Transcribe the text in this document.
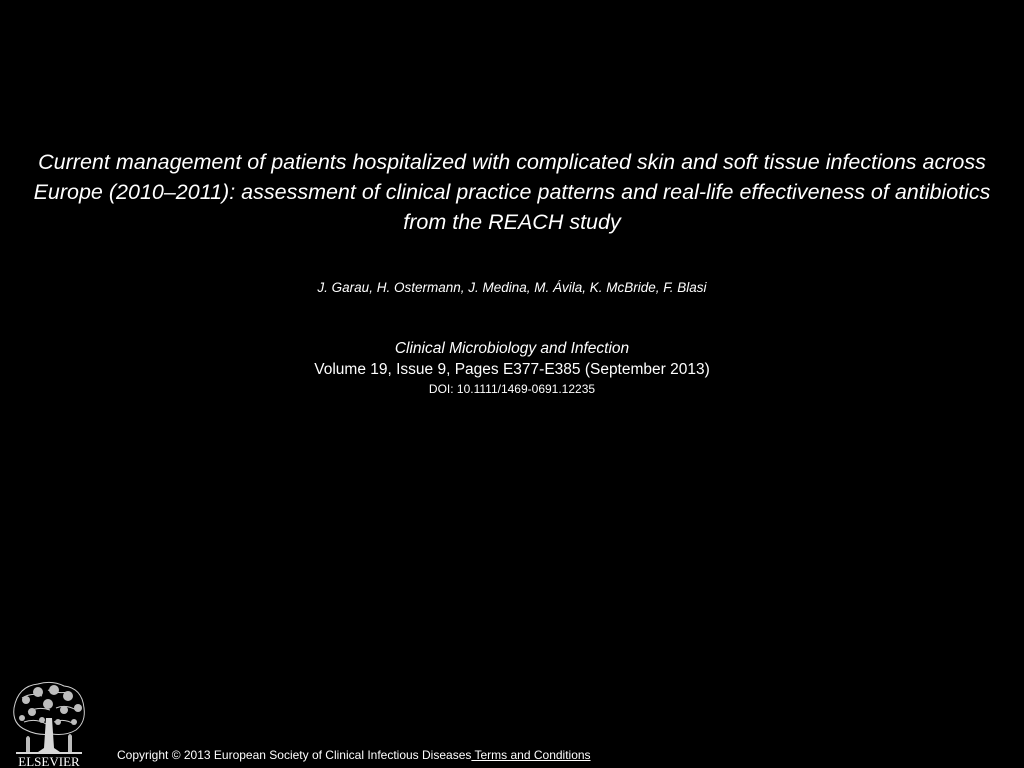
Current management of patients hospitalized with complicated skin and soft tissue infections across Europe (2010–2011): assessment of clinical practice patterns and real-life effectiveness of antibiotics from the REACH study

J. Garau, H. Ostermann, J. Medina, M. Ávila, K. McBride, F. Blasi

Clinical Microbiology and Infection

Volume 19, Issue 9, Pages E377-E385 (September 2013)

DOI: 10.1111/1469-0691.12235

ELSEVIER	Copyright © 2013 European Society of Clinical Infectious Diseases Terms and Conditions
